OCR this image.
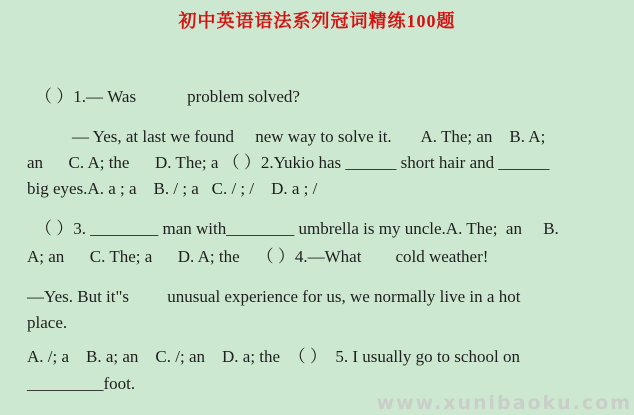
初中英语语法系列冠词精练100题
（ ）1.— Was            problem solved?
— Yes, at last we found     new way to solve it.       A. The; an    B. A;
an      C. A; the      D. The; a （ ）2.Yukio has ______ short hair and ______
big eyes.A. a ; a    B. / ; a   C. / ; /    D. a ; /
（ ）3. ________ man with________ umbrella is my uncle.A. The;  an     B.
A; an      C. The; a      D. A; the    （ ）4.—What        cold weather!
—Yes. But it"s         unusual experience for us, we normally live in a hot
place.
A. /; a    B. a; an    C. /; an    D. a; the  （ ）  5. I usually go to school on
_________foot.
www.xunibaoku.com
